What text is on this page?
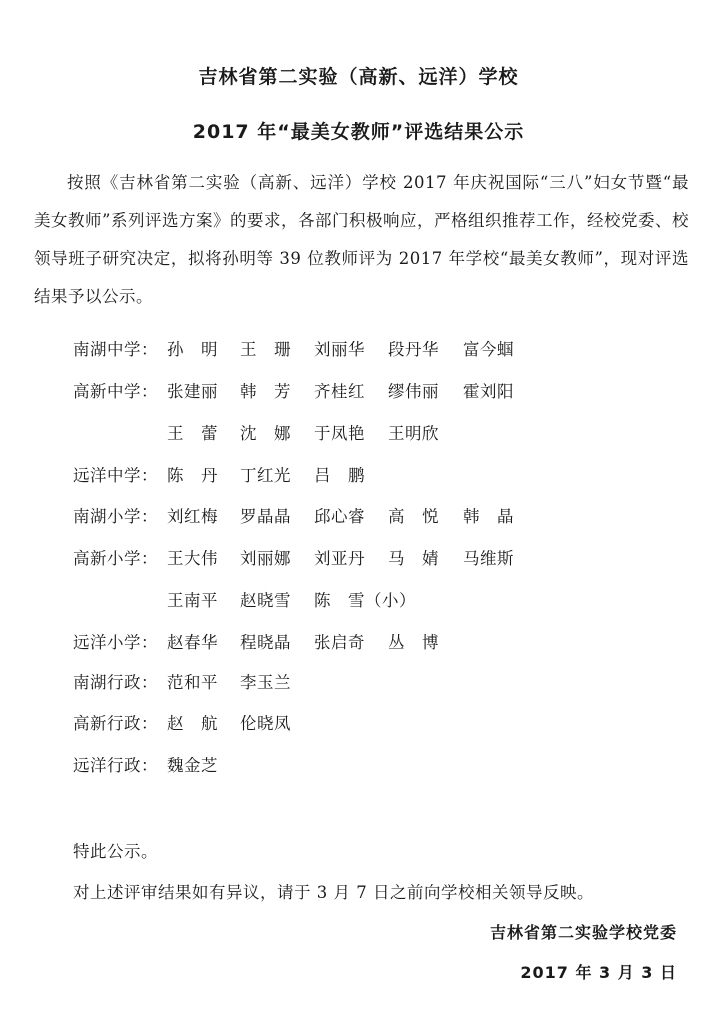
吉林省第二实验（高新、远洋）学校
2017 年“最美女教师”评选结果公示

按照《吉林省第二实验（高新、远洋）学校 2017 年庆祝国际“三八”妇女节暨“最美女教师”系列评选方案》的要求，各部门积极响应，严格组织推荐工作，经校党委、校领导班子研究决定，拟将孙明等 39 位教师评为 2017 年学校“最美女教师”，现对评选结果予以公示。

南湖中学： 孙　明 王　珊 刘丽华 段丹华 富今蝈
高新中学： 张建丽 韩　芳 齐桂红 缪伟丽 霍刘阳
王　蕾 沈　娜 于凤艳 王明欣
远洋中学： 陈　丹 丁红光 吕　鹏
南湖小学： 刘红梅 罗晶晶 邱心睿 高　悦 韩　晶
高新小学： 王大伟 刘丽娜 刘亚丹 马　婧 马维斯
王南平 赵晓雪 陈　雪（小）
远洋小学： 赵春华 程晓晶 张启奇 丛　博
南湖行政： 范和平 李玉兰
高新行政： 赵　航 伦晓凤
远洋行政： 魏金芝

特此公示。

对上述评审结果如有异议，请于 3 月 7 日之前向学校相关领导反映。

吉林省第二实验学校党委

2017 年 3 月 3 日
